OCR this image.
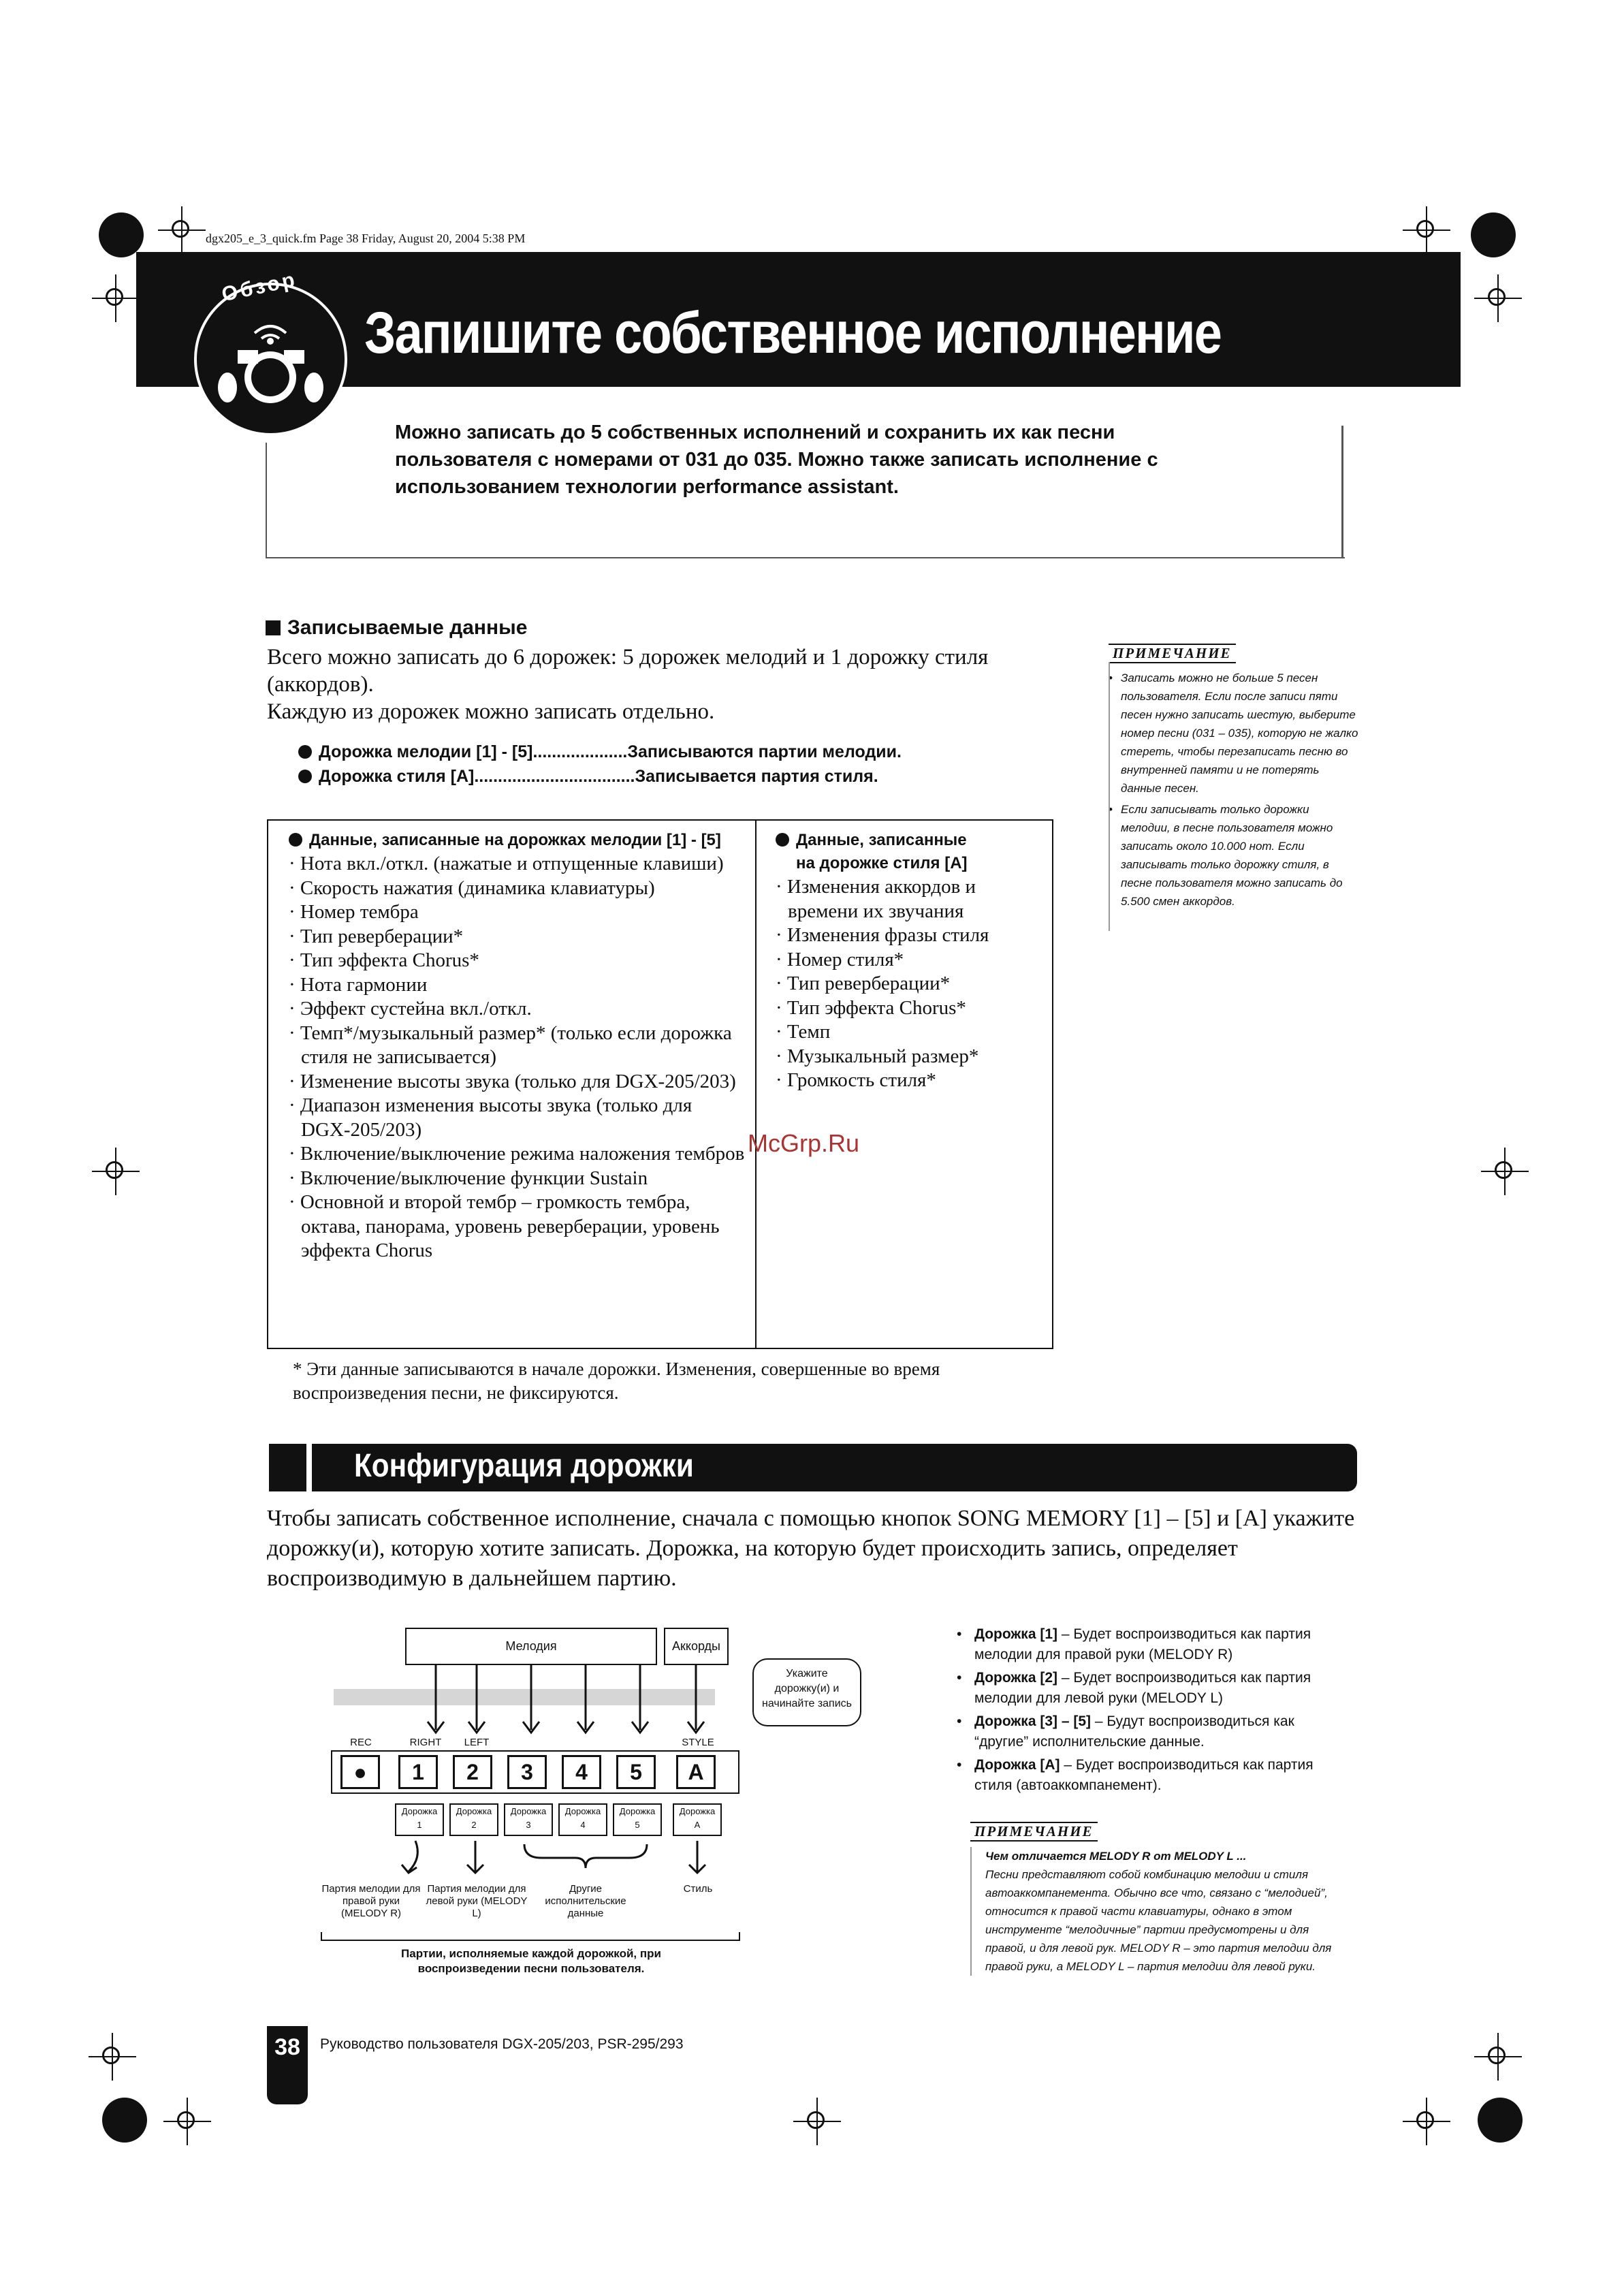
dgx205_e_3_quick.fm Page 38 Friday, August 20, 2004 5:38 PM
Обзор
Запишите собственное исполнение
Можно записать до 5 собственных исполнений и сохранить их как песни пользователя с номерами от 031 до 035. Можно также записать исполнение с использованием технологии performance assistant.
Записываемые данные
Всего можно записать до 6 дорожек: 5 дорожек мелодий и 1 дорожку стиля (аккордов).
Каждую из дорожек можно записать отдельно.
Дорожка мелодии [1] - [5]....................Записываются партии мелодии.
Дорожка стиля [A]..................................Записывается партия стиля.
Данные, записанные на дорожках мелодии [1] - [5]
· Нота вкл./откл. (нажатые и отпущенные клавиши)
· Скорость нажатия (динамика клавиатуры)
· Номер тембра
· Тип реверберации*
· Тип эффекта Chorus*
· Нота гармонии
· Эффект сустейна вкл./откл.
· Темп*/музыкальный размер* (только если дорожка стиля не записывается)
· Изменение высоты звука (только для DGX-205/203)
· Диапазон изменения высоты звука (только для DGX-205/203)
· Включение/выключение режима наложения тембров
· Включение/выключение функции Sustain
· Основной и второй тембр – громкость тембра, октава, панорама, уровень реверберации, уровень эффекта Chorus
Данные, записанные
на дорожке стиля [A]
· Изменения аккордов и времени их звучания
· Изменения фразы стиля
· Номер стиля*
· Тип реверберации*
· Тип эффекта Chorus*
· Темп
· Музыкальный размер*
· Громкость стиля*
* Эти данные записываются в начале дорожки. Изменения, совершенные во время воспроизведения песни, не фиксируются.
ПРИМЕЧАНИЕ
• Записать можно не больше 5 песен пользователя. Если после записи пяти песен нужно записать шестую, выберите номер песни (031 – 035), которую не жалко стереть, чтобы перезаписать песню во внутренней памяти и не потерять данные песен.
• Если записывать только дорожки мелодии, в песне пользователя можно записать около 10.000 нот. Если записывать только дорожку стиля, в песне пользователя можно записать до 5.500 смен аккордов.
McGrp.Ru
Конфигурация дорожки
Чтобы записать собственное исполнение, сначала с помощью кнопок SONG MEMORY [1] – [5] и [A] укажите дорожку(и), которую хотите записать. Дорожка, на которую будет происходить запись, определяет воспроизводимую в дальнейшем партию.
Мелодия	Аккорды
Укажите дорожку(и) и начинайте запись
REC	RIGHT	LEFT	STYLE
●	1	2	3	4	5	A
Дорожка
1
Дорожка
2
Дорожка
3
Дорожка
4
Дорожка
5
Дорожка
A
Партия мелодии для правой руки (MELODY R)
Партия мелодии для левой руки (MELODY L)
Другие исполнительские данные
Стиль
Партии, исполняемые каждой дорожкой, при воспроизведении песни пользователя.
• Дорожка [1] – Будет воспроизводиться как партия мелодии для правой руки (MELODY R)
• Дорожка [2] – Будет воспроизводиться как партия мелодии для левой руки (MELODY L)
• Дорожка [3] – [5] – Будут воспроизводиться как “другие” исполнительские данные.
• Дорожка [A] – Будет воспроизводиться как партия стиля (автоаккомпанемент).
ПРИМЕЧАНИЕ
Чем отличается MELODY R от MELODY L ...
Песни представляют собой комбинацию мелодии и стиля автоаккомпанемента. Обычно все что, связано с “мелодией”, относится к правой части клавиатуры, однако в этом инструменте “мелодичные” партии предусмотрены и для правой, и для левой рук. MELODY R – это партия мелодии для правой руки, а MELODY L – партия мелодии для левой руки.
38	Руководство пользователя DGX-205/203, PSR-295/293
